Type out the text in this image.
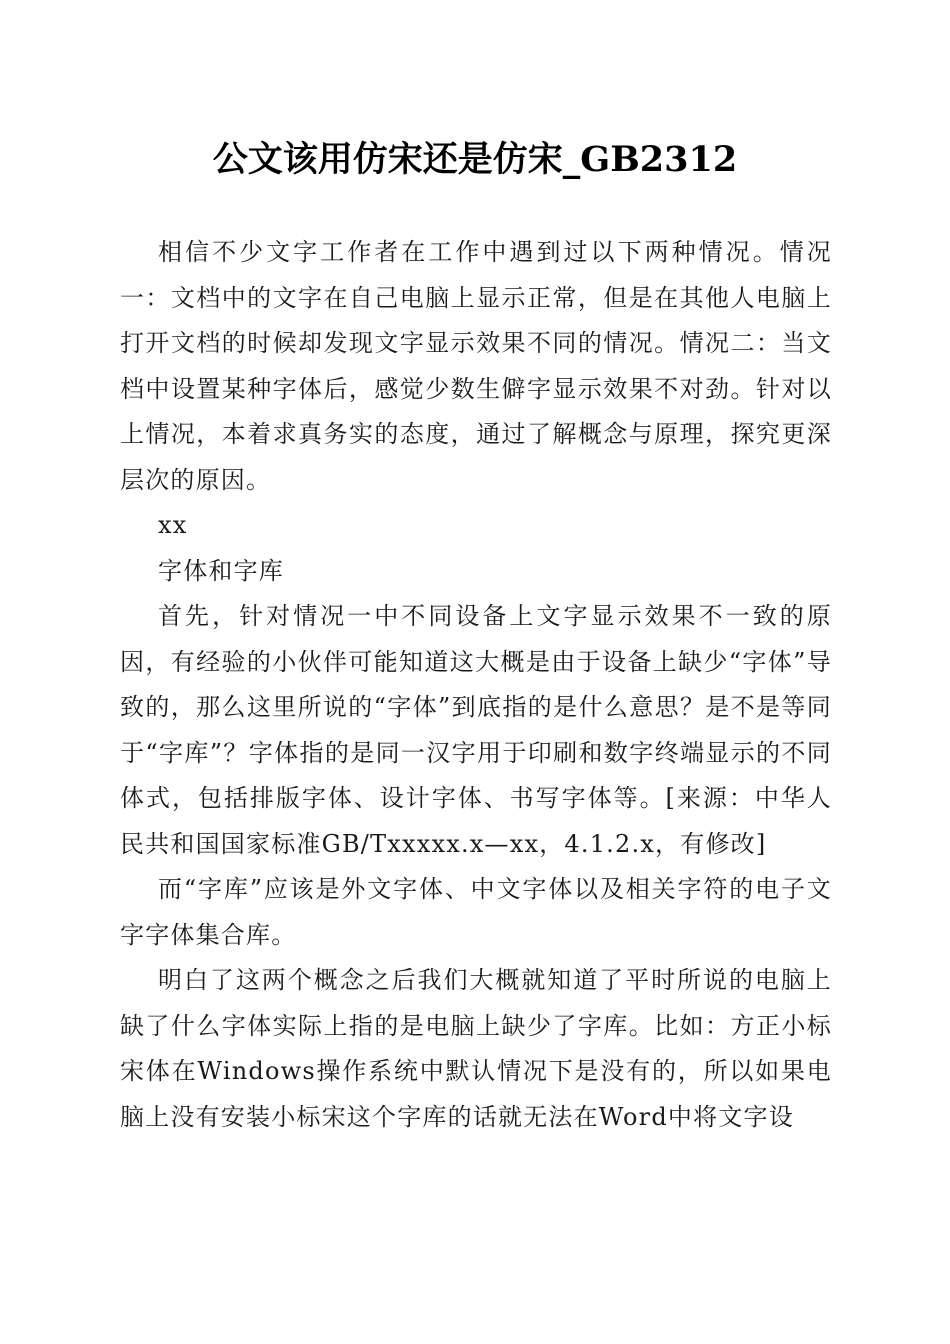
公文该用仿宋还是仿宋_GB2312

相信不少文字工作者在工作中遇到过以下两种情况。情况一：文档中的文字在自己电脑上显示正常，但是在其他人电脑上打开文档的时候却发现文字显示效果不同的情况。情况二：当文档中设置某种字体后，感觉少数生僻字显示效果不对劲。针对以上情况，本着求真务实的态度，通过了解概念与原理，探究更深层次的原因。

xx

字体和字库

首先，针对情况一中不同设备上文字显示效果不一致的原因，有经验的小伙伴可能知道这大概是由于设备上缺少“字体”导致的，那么这里所说的“字体”到底指的是什么意思？是不是等同于“字库”？字体指的是同一汉字用于印刷和数字终端显示的不同体式，包括排版字体、设计字体、书写字体等。[来源：中华人民共和国国家标准GB/Txxxxx.x—xx，4.1.2.x，有修改]

而“字库”应该是外文字体、中文字体以及相关字符的电子文字字体集合库。

明白了这两个概念之后我们大概就知道了平时所说的电脑上缺了什么字体实际上指的是电脑上缺少了字库。比如：方正小标宋体在Windows操作系统中默认情况下是没有的，所以如果电脑上没有安装小标宋这个字库的话就无法在Word中将文字设
